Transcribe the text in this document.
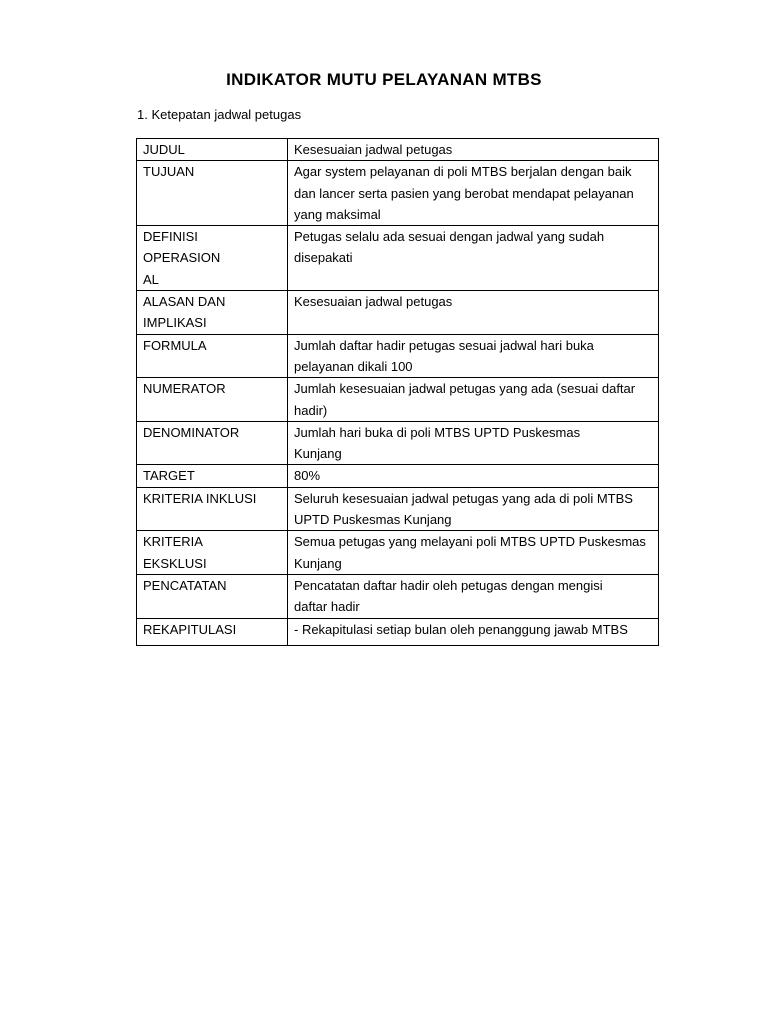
INDIKATOR MUTU PELAYANAN MTBS

1. Ketepatan jadwal petugas

JUDUL	Kesesuaian jadwal petugas
TUJUAN	Agar system pelayanan di poli MTBS berjalan dengan baik dan lancer serta pasien yang berobat mendapat pelayanan yang maksimal
DEFINISI OPERASIONAL	Petugas selalu ada sesuai dengan jadwal yang sudah disepakati
ALASAN DAN IMPLIKASI	Kesesuaian jadwal petugas
FORMULA	Jumlah daftar hadir petugas sesuai jadwal hari buka pelayanan dikali 100
NUMERATOR	Jumlah kesesuaian jadwal petugas yang ada (sesuai daftar hadir)
DENOMINATOR	Jumlah hari buka di poli MTBS UPTD Puskesmas Kunjang
TARGET	80%
KRITERIA INKLUSI	Seluruh kesesuaian jadwal petugas yang ada di poli MTBS UPTD Puskesmas Kunjang
KRITERIA EKSKLUSI	Semua petugas yang melayani poli MTBS UPTD Puskesmas Kunjang
PENCATATAN	Pencatatan daftar hadir oleh petugas dengan mengisi daftar hadir
REKAPITULASI	- Rekapitulasi setiap bulan oleh penanggung jawab MTBS
